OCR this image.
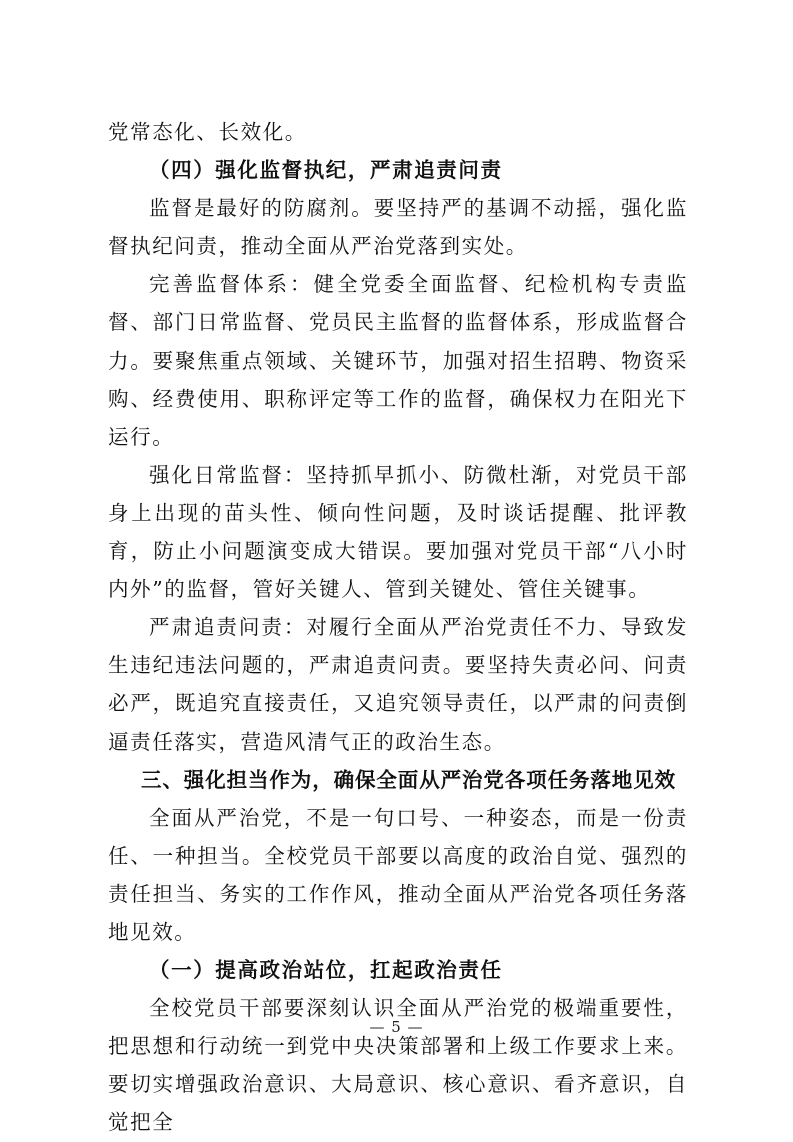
党常态化、长效化。

（四）强化监督执纪，严肃追责问责

监督是最好的防腐剂。要坚持严的基调不动摇，强化监督执纪问责，推动全面从严治党落到实处。

完善监督体系：健全党委全面监督、纪检机构专责监督、部门日常监督、党员民主监督的监督体系，形成监督合力。要聚焦重点领域、关键环节，加强对招生招聘、物资采购、经费使用、职称评定等工作的监督，确保权力在阳光下运行。

强化日常监督：坚持抓早抓小、防微杜渐，对党员干部身上出现的苗头性、倾向性问题，及时谈话提醒、批评教育，防止小问题演变成大错误。要加强对党员干部“八小时内外”的监督，管好关键人、管到关键处、管住关键事。

严肃追责问责：对履行全面从严治党责任不力、导致发生违纪违法问题的，严肃追责问责。要坚持失责必问、问责必严，既追究直接责任，又追究领导责任，以严肃的问责倒逼责任落实，营造风清气正的政治生态。

三、强化担当作为，确保全面从严治党各项任务落地见效

全面从严治党，不是一句口号、一种姿态，而是一份责任、一种担当。全校党员干部要以高度的政治自觉、强烈的责任担当、务实的工作作风，推动全面从严治党各项任务落地见效。

（一）提高政治站位，扛起政治责任

全校党员干部要深刻认识全面从严治党的极端重要性，把思想和行动统一到党中央决策部署和上级工作要求上来。要切实增强政治意识、大局意识、核心意识、看齐意识，自觉把全

— 5 —
